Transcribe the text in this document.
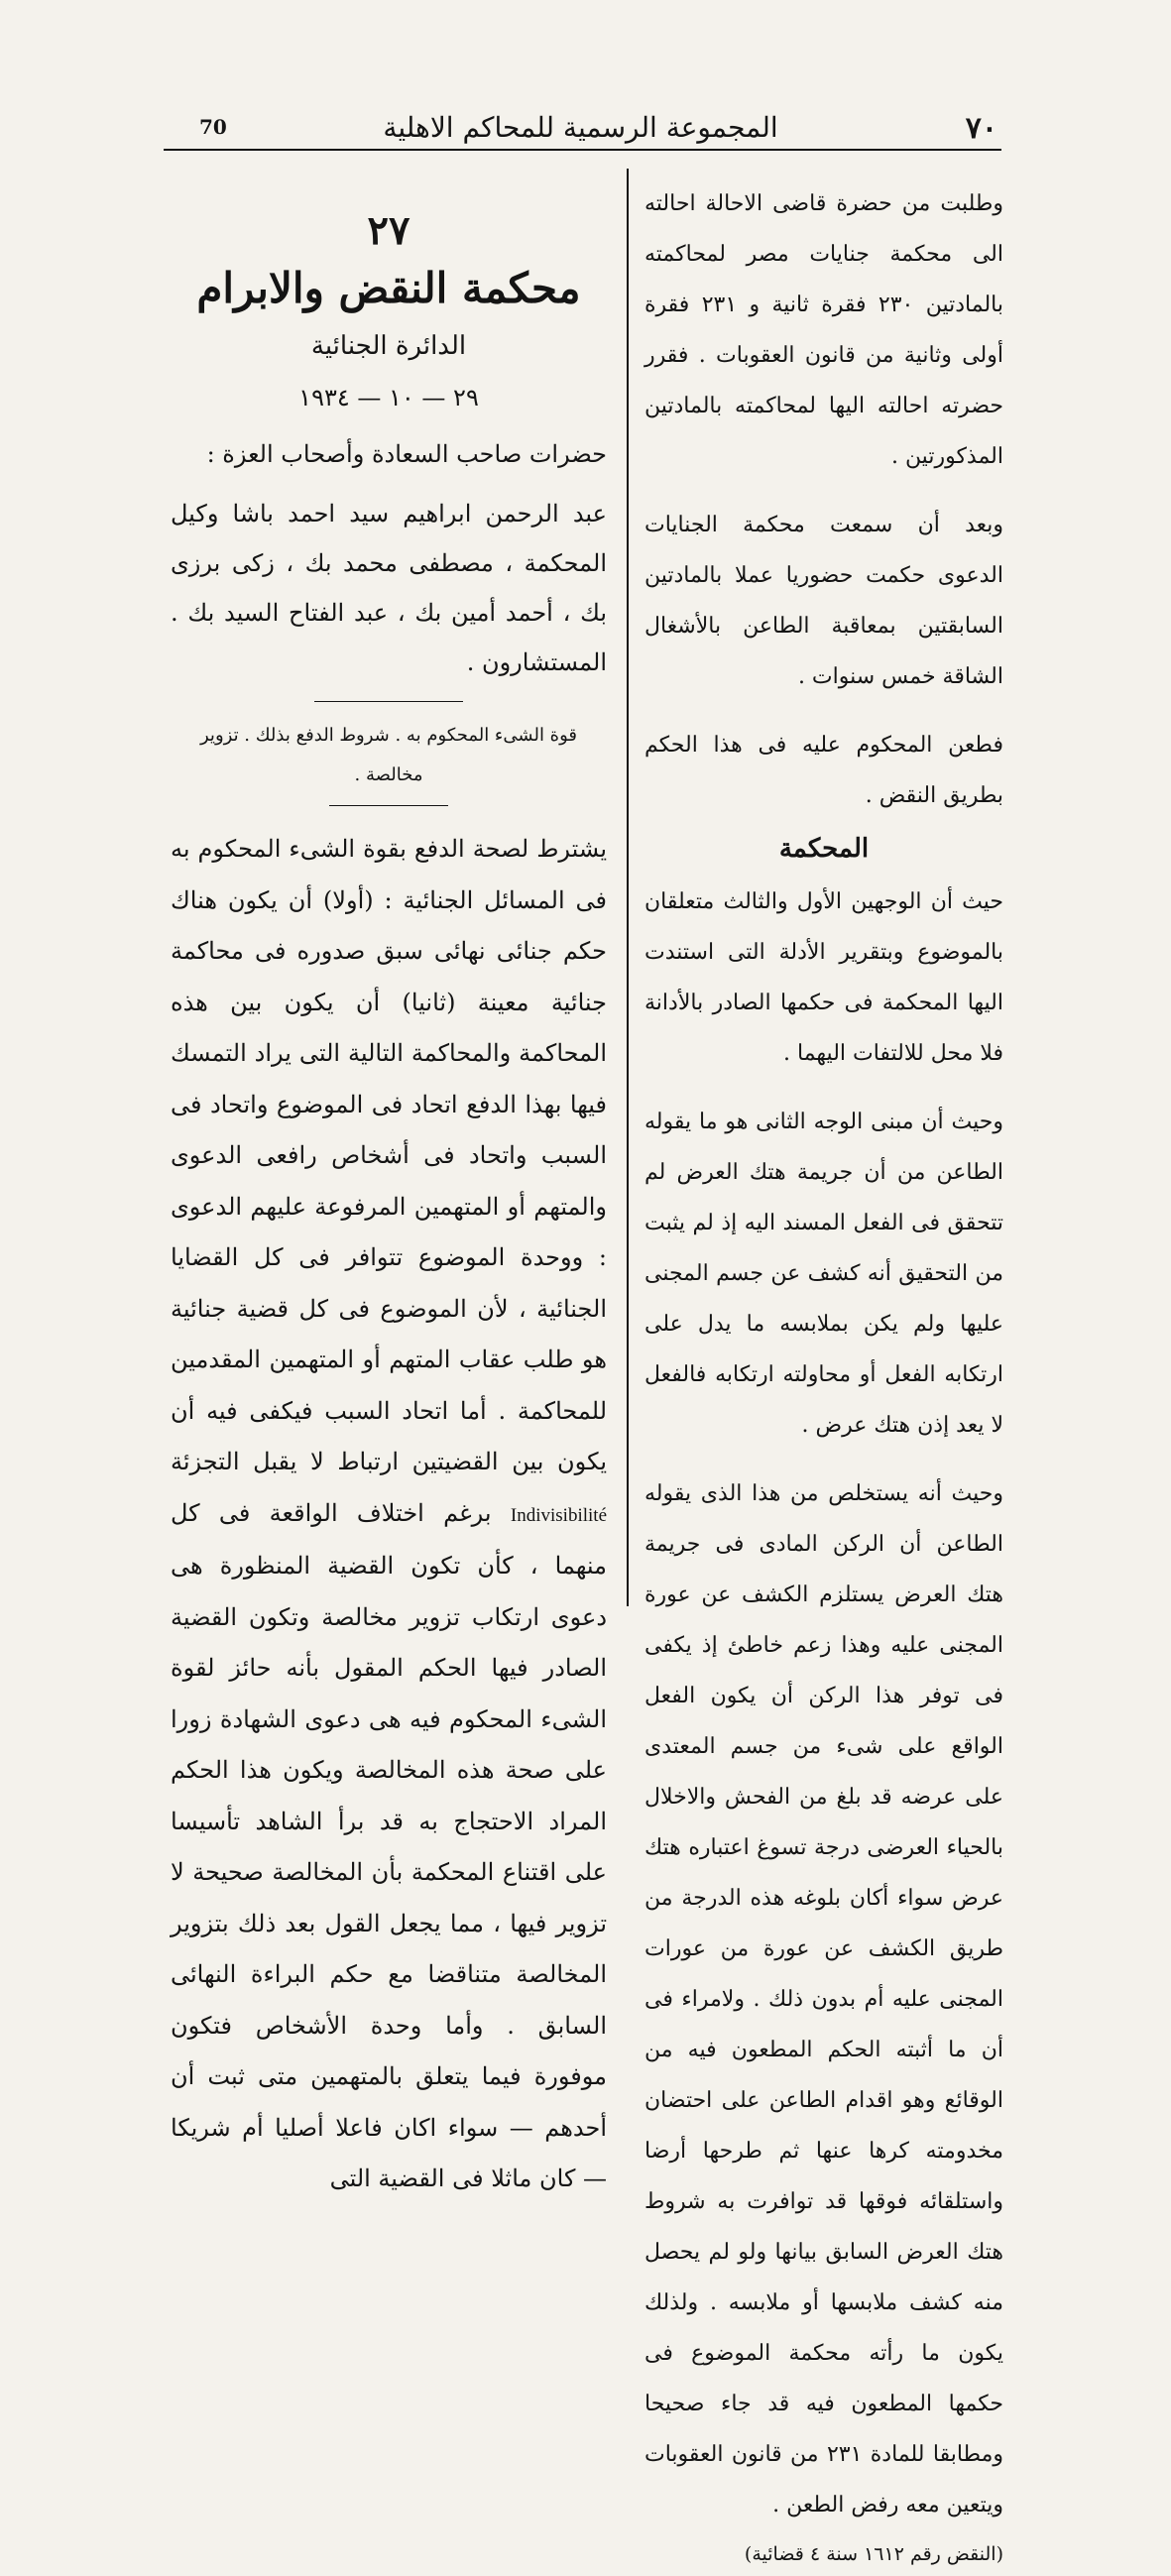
70	المجموعة الرسمية للمحاكم الاهلية	٧٠

وطلبت من حضرة قاضى الاحالة احالته الى محكمة جنايات مصر لمحاكمته بالمادتين ٢٣٠ فقرة ثانية و ٢٣١ فقرة أولى وثانية من قانون العقوبات . فقرر حضرته احالته اليها لمحاكمته بالمادتين المذكورتين .

وبعد أن سمعت محكمة الجنايات الدعوى حكمت حضوريا عملا بالمادتين السابقتين بمعاقبة الطاعن بالأشغال الشاقة خمس سنوات .

فطعن المحكوم عليه فى هذا الحكم بطريق النقض .

المحكمة

حيث أن الوجهين الأول والثالث متعلقان بالموضوع وبتقرير الأدلة التى استندت اليها المحكمة فى حكمها الصادر بالأدانة فلا محل للالتفات اليهما .

وحيث أن مبنى الوجه الثانى هو ما يقوله الطاعن من أن جريمة هتك العرض لم تتحقق فى الفعل المسند اليه إذ لم يثبت من التحقيق أنه كشف عن جسم المجنى عليها ولم يكن بملابسه ما يدل على ارتكابه الفعل أو محاولته ارتكابه فالفعل لا يعد إذن هتك عرض .

وحيث أنه يستخلص من هذا الذى يقوله الطاعن أن الركن المادى فى جريمة هتك العرض يستلزم الكشف عن عورة المجنى عليه وهذا زعم خاطئ إذ يكفى فى توفر هذا الركن أن يكون الفعل الواقع على شىء من جسم المعتدى على عرضه قد بلغ من الفحش والاخلال بالحياء العرضى درجة تسوغ اعتباره هتك عرض سواء أكان بلوغه هذه الدرجة من طريق الكشف عن عورة من عورات المجنى عليه أم بدون ذلك . ولامراء فى أن ما أثبته الحكم المطعون فيه من الوقائع وهو اقدام الطاعن على احتضان مخدومته كرها عنها ثم طرحها أرضا واستلقائه فوقها قد توافرت به شروط هتك العرض السابق بيانها ولو لم يحصل منه كشف ملابسها أو ملابسه . ولذلك يكون ما رأته محكمة الموضوع فى حكمها المطعون فيه قد جاء صحيحا ومطابقا للمادة ٢٣١ من قانون العقوبات ويتعين معه رفض الطعن .

(النقض رقم ١٦١٢ سنة ٤ قضائية)

٢٧

محكمة النقض والابرام

الدائرة الجنائية

٢٩ — ١٠ — ١٩٣٤

حضرات صاحب السعادة وأصحاب العزة :

عبد الرحمن ابراهيم سيد احمد باشا وكيل المحكمة ، مصطفى محمد بك ، زكى برزى بك ، أحمد أمين بك ، عبد الفتاح السيد بك . المستشارون .

قوة الشىء المحكوم به . شروط الدفع بذلك . تزوير مخالصة .

يشترط لصحة الدفع بقوة الشىء المحكوم به فى المسائل الجنائية : (أولا) أن يكون هناك حكم جنائى نهائى سبق صدوره فى محاكمة جنائية معينة (ثانيا) أن يكون بين هذه المحاكمة والمحاكمة التالية التى يراد التمسك فيها بهذا الدفع اتحاد فى الموضوع واتحاد فى السبب واتحاد فى أشخاص رافعى الدعوى والمتهم أو المتهمين المرفوعة عليهم الدعوى : ووحدة الموضوع تتوافر فى كل القضايا الجنائية ، لأن الموضوع فى كل قضية جنائية هو طلب عقاب المتهم أو المتهمين المقدمين للمحاكمة . أما اتحاد السبب فيكفى فيه أن يكون بين القضيتين ارتباط لا يقبل التجزئة Indivisibilité برغم اختلاف الواقعة فى كل منهما ، كأن تكون القضية المنظورة هى دعوى ارتكاب تزوير مخالصة وتكون القضية الصادر فيها الحكم المقول بأنه حائز لقوة الشىء المحكوم فيه هى دعوى الشهادة زورا على صحة هذه المخالصة ويكون هذا الحكم المراد الاحتجاج به قد برأ الشاهد تأسيسا على اقتناع المحكمة بأن المخالصة صحيحة لا تزوير فيها ، مما يجعل القول بعد ذلك بتزوير المخالصة متناقضا مع حكم البراءة النهائى السابق . وأما وحدة الأشخاص فتكون موفورة فيما يتعلق بالمتهمين متى ثبت أن أحدهم — سواء اكان فاعلا أصليا أم شريكا — كان ماثلا فى القضية التى
